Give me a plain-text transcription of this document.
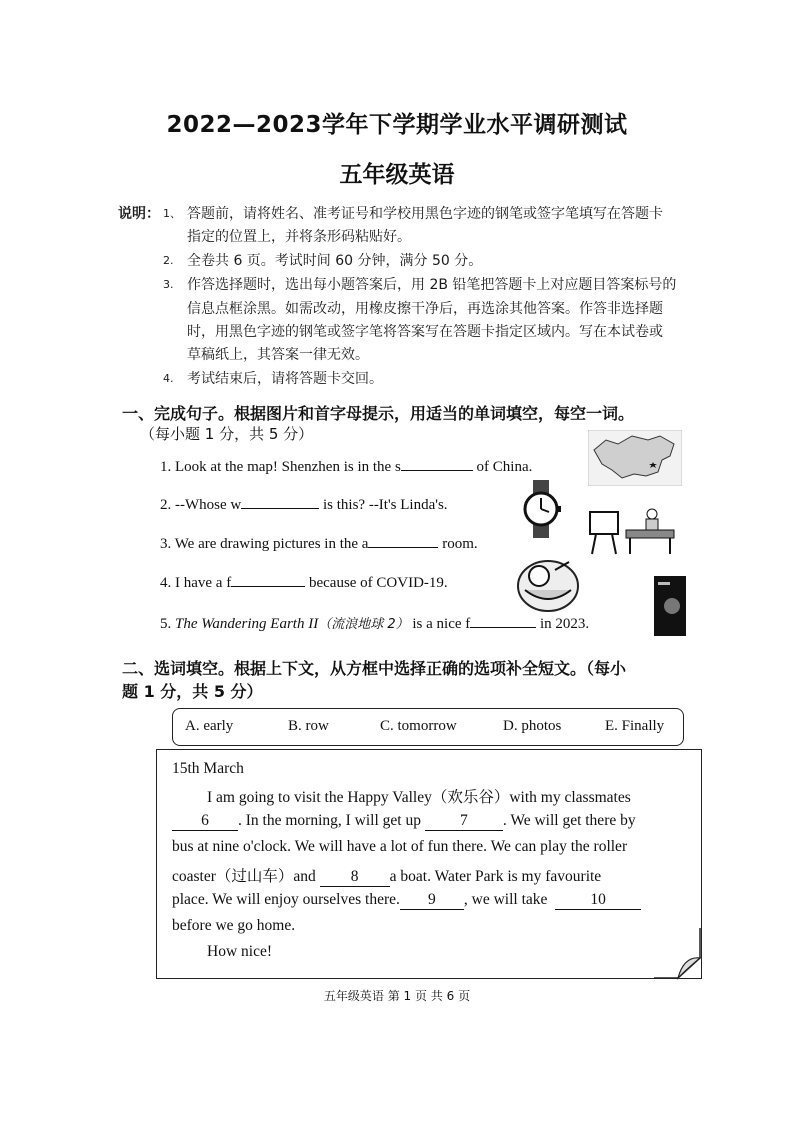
2022—2023学年下学期学业水平调研测试
五年级英语
说明： 1、 答题前，请将姓名、准考证号和学校用黑色字迹的钢笔或签字笔填写在答题卡
指定的位置上，并将条形码粘贴好。
2. 全卷共 6 页。考试时间 60 分钟，满分 50 分。
3. 作答选择题时，选出每小题答案后，用 2B 铅笔把答题卡上对应题目答案标号的
信息点框涂黑。如需改动，用橡皮擦干净后，再选涂其他答案。作答非选择题
时，用黑色字迹的钢笔或签字笔将答案写在答题卡指定区域内。写在本试卷或
草稿纸上，其答案一律无效。
4. 考试结束后，请将答题卡交回。
一、完成句子。根据图片和首字母提示，用适当的单词填空，每空一词。
（每小题 1 分，共 5 分）
1. Look at the map! Shenzhen is in the s	of China.
2. --Whose w	is this? --It's Linda's.
3. We are drawing pictures in the a	room.
4. I have a f	because of COVID-19.
5. The Wandering Earth II（流浪地球 2） is a nice f	in 2023.
二、选词填空。根据上下文，从方框中选择正确的选项补全短文。（每小
题 1 分，共 5 分）
A. early	B. row	C. tomorrow	D. photos	E. Finally
15th March
I am going to visit the Happy Valley（欢乐谷）with my classmates
6 . In the morning, I will get up	7 . We will get there by
bus at nine o'clock. We will have a lot of fun there. We can play the roller
coaster（过山车）and 8 a boat. Water Park is my favourite
place. We will enjoy ourselves there. 9 , we will take	10
before we go home.
How nice!
五年级英语 第 1 页 共 6 页
